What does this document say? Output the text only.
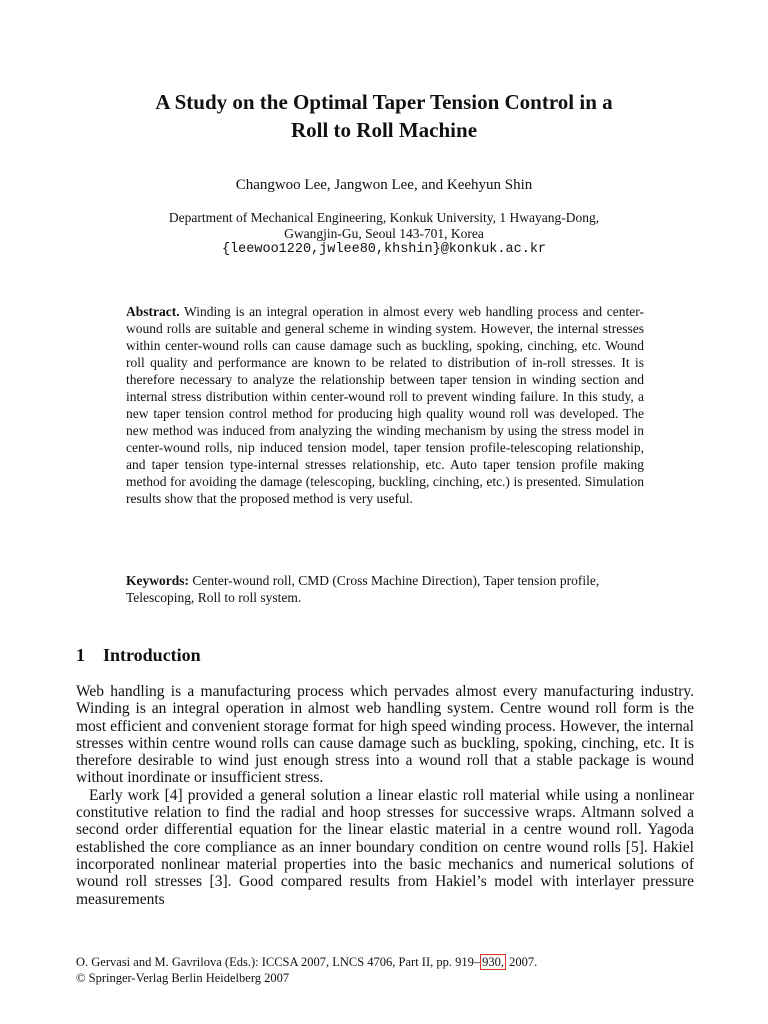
A Study on the Optimal Taper Tension Control in a
Roll to Roll Machine
Changwoo Lee, Jangwon Lee, and Keehyun Shin
Department of Mechanical Engineering, Konkuk University, 1 Hwayang-Dong,
Gwangjin-Gu, Seoul 143-701, Korea
{leewoo1220,jwlee80,khshin}@konkuk.ac.kr
Abstract. Winding is an integral operation in almost every web handling process and center-wound rolls are suitable and general scheme in winding system. However, the internal stresses within center-wound rolls can cause damage such as buckling, spoking, cinching, etc. Wound roll quality and performance are known to be related to distribution of in-roll stresses. It is therefore necessary to analyze the relationship between taper tension in winding section and internal stress distribution within center-wound roll to prevent winding failure. In this study, a new taper tension control method for producing high quality wound roll was developed. The new method was induced from analyzing the winding mechanism by using the stress model in center-wound rolls, nip induced tension model, taper tension profile-telescoping relationship, and taper tension type-internal stresses relationship, etc. Auto taper tension profile making method for avoiding the damage (telescoping, buckling, cinching, etc.) is presented. Simulation results show that the proposed method is very useful.
Keywords: Center-wound roll, CMD (Cross Machine Direction), Taper tension profile, Telescoping, Roll to roll system.
1 Introduction

Web handling is a manufacturing process which pervades almost every manufacturing industry. Winding is an integral operation in almost web handling system. Centre wound roll form is the most efficient and convenient storage format for high speed winding process. However, the internal stresses within centre wound rolls can cause damage such as buckling, spoking, cinching, etc. It is therefore desirable to wind just enough stress into a wound roll that a stable package is wound without inordinate or insufficient stress.

Early work [4] provided a general solution a linear elastic roll material while using a nonlinear constitutive relation to find the radial and hoop stresses for successive wraps. Altmann solved a second order differential equation for the linear elastic material in a centre wound roll. Yagoda established the core compliance as an inner boundary condition on centre wound rolls [5]. Hakiel incorporated nonlinear material properties into the basic mechanics and numerical solutions of wound roll stresses [3]. Good compared results from Hakiel’s model with interlayer pressure measurements

O. Gervasi and M. Gavrilova (Eds.): ICCSA 2007, LNCS 4706, Part II, pp. 919– 930, 2007.
© Springer-Verlag Berlin Heidelberg 2007
